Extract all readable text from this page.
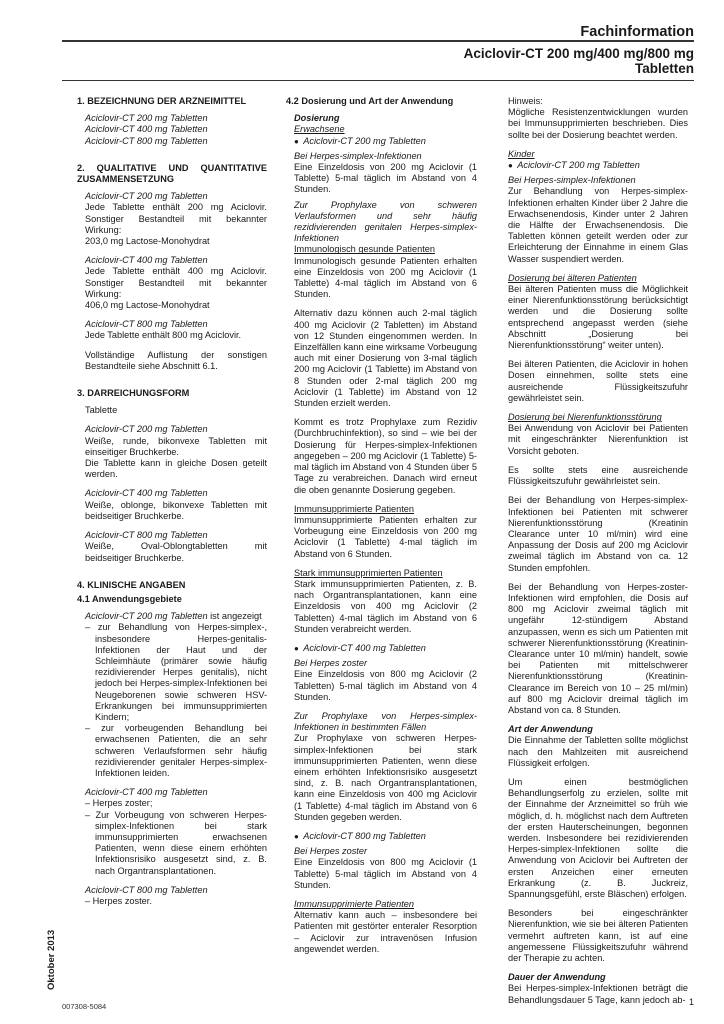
Fachinformation
Aciclovir-CT 200 mg/400 mg/800 mg
Tabletten
Oktober 2013
1. BEZEICHNUNG DER ARZNEIMITTEL
Aciclovir-CT 200 mg Tabletten
Aciclovir-CT 400 mg Tabletten
Aciclovir-CT 800 mg Tabletten
2. QUALITATIVE UND QUANTITATIVE ZUSAMMENSETZUNG
Aciclovir-CT 200 mg Tabletten
Jede Tablette enthält 200 mg Aciclovir. Sonstiger Bestandteil mit bekannter Wirkung:
203,0 mg Lactose-Monohydrat
Aciclovir-CT 400 mg Tabletten
Jede Tablette enthält 400 mg Aciclovir. Sonstiger Bestandteil mit bekannter Wirkung:
406,0 mg Lactose-Monohydrat
Aciclovir-CT 800 mg Tabletten
Jede Tablette enthält 800 mg Aciclovir.
Vollständige Auflistung der sonstigen Bestandteile siehe Abschnitt 6.1.
3. DARREICHUNGSFORM
Tablette
Aciclovir-CT 200 mg Tabletten
Weiße, runde, bikonvexe Tabletten mit einseitiger Bruchkerbe.
Die Tablette kann in gleiche Dosen geteilt werden.
Aciclovir-CT 400 mg Tabletten
Weiße, oblonge, bikonvexe Tabletten mit beidseitiger Bruchkerbe.
Aciclovir-CT 800 mg Tabletten
Weiße, Oval-Oblongtabletten mit beidseitiger Bruchkerbe.
4. KLINISCHE ANGABEN
4.1 Anwendungsgebiete
Aciclovir-CT 200 mg Tabletten ist angezeigt
– zur Behandlung von Herpes-simplex-, insbesondere Herpes-genitalis-Infektionen der Haut und der Schleimhäute (primärer sowie häufig rezidivierender Herpes genitalis), nicht jedoch bei Herpes-simplex-Infektionen bei Neugeborenen sowie schweren HSV-Erkrankungen bei immunsupprimierten Kindern;
– zur vorbeugenden Behandlung bei erwachsenen Patienten, die an sehr schweren Verlaufsformen sehr häufig rezidivierender genitaler Herpes-simplex-Infektionen leiden.
Aciclovir-CT 400 mg Tabletten
– Herpes zoster;
– Zur Vorbeugung von schweren Herpes-simplex-Infektionen bei stark immunsupprimierten erwachsenen Patienten, wenn diese einem erhöhten Infektionsrisiko ausgesetzt sind, z. B. nach Organtransplantationen.
Aciclovir-CT 800 mg Tabletten
– Herpes zoster.
4.2 Dosierung und Art der Anwendung
Dosierung
Erwachsene
●  Aciclovir-CT 200 mg Tabletten
Bei Herpes-simplex-Infektionen
Eine Einzeldosis von 200 mg Aciclovir (1 Tablette) 5-mal täglich im Abstand von 4 Stunden.
Zur Prophylaxe von schweren Verlaufsformen und sehr häufig rezidivierenden genitalen Herpes-simplex-Infektionen
Immunologisch gesunde Patienten
Immunologisch gesunde Patienten erhalten eine Einzeldosis von 200 mg Aciclovir (1 Tablette) 4-mal täglich im Abstand von 6 Stunden.
Alternativ dazu können auch 2-mal täglich 400 mg Aciclovir (2 Tabletten) im Abstand von 12 Stunden eingenommen werden. In Einzelfällen kann eine wirksame Vorbeugung auch mit einer Dosierung von 3-mal täglich 200 mg Aciclovir (1 Tablette) im Abstand von 8 Stunden oder 2-mal täglich 200 mg Aciclovir (1 Tablette) im Abstand von 12 Stunden erzielt werden.
Kommt es trotz Prophylaxe zum Rezidiv (Durchbruchinfektion), so sind – wie bei der Dosierung für Herpes-simplex-Infektionen angegeben – 200 mg Aciclovir (1 Tablette) 5-mal täglich im Abstand von 4 Stunden über 5 Tage zu verabreichen. Danach wird erneut die oben genannte Dosierung gegeben.
Immunsupprimierte Patienten
Immunsupprimierte Patienten erhalten zur Vorbeugung eine Einzeldosis von 200 mg Aciclovir (1 Tablette) 4-mal täglich im Abstand von 6 Stunden.
Stark immunsupprimierten Patienten
Stark immunsupprimierten Patienten, z. B. nach Organtransplantationen, kann eine Einzeldosis von 400 mg Aciclovir (2 Tabletten) 4-mal täglich im Abstand von 6 Stunden verabreicht werden.
●  Aciclovir-CT 400 mg Tabletten
Bei Herpes zoster
Eine Einzeldosis von 800 mg Aciclovir (2 Tabletten) 5-mal täglich im Abstand von 4 Stunden.
Zur Prophylaxe von Herpes-simplex-Infektionen in bestimmten Fällen
Zur Prophylaxe von schweren Herpes-simplex-Infektionen bei stark immunsupprimierten Patienten, wenn diese einem erhöhten Infektionsrisiko ausgesetzt sind, z. B. nach Organtransplantationen, kann eine Einzeldosis von 400 mg Aciclovir (1 Tablette) 4-mal täglich im Abstand von 6 Stunden gegeben werden.
●  Aciclovir-CT 800 mg Tabletten
Bei Herpes zoster
Eine Einzeldosis von 800 mg Aciclovir (1 Tablette) 5-mal täglich im Abstand von 4 Stunden.
Immunsupprimierte Patienten
Alternativ kann auch – insbesondere bei Patienten mit gestörter enteraler Resorption – Aciclovir zur intravenösen Infusion angewendet werden.
Hinweis:
Mögliche Resistenzentwicklungen wurden bei Immunsupprimierten beschrieben. Dies sollte bei der Dosierung beachtet werden.
Kinder
●  Aciclovir-CT 200 mg Tabletten
Bei Herpes-simplex-Infektionen
Zur Behandlung von Herpes-simplex-Infektionen erhalten Kinder über 2 Jahre die Erwachsenendosis, Kinder unter 2 Jahren die Hälfte der Erwachsenendosis. Die Tabletten können geteilt werden oder zur Erleichterung der Einnahme in einem Glas Wasser suspendiert werden.
Dosierung bei älteren Patienten
Bei älteren Patienten muss die Möglichkeit einer Nierenfunktionsstörung berücksichtigt werden und die Dosierung sollte entsprechend angepasst werden (siehe Abschnitt „Dosierung bei Nierenfunktionsstörung“ weiter unten).
Bei älteren Patienten, die Aciclovir in hohen Dosen einnehmen, sollte stets eine ausreichende Flüssigkeitszufuhr gewährleistet sein.
Dosierung bei Nierenfunktionsstörung
Bei Anwendung von Aciclovir bei Patienten mit eingeschränkter Nierenfunktion ist Vorsicht geboten.
Es sollte stets eine ausreichende Flüssigkeitszufuhr gewährleistet sein.
Bei der Behandlung von Herpes-simplex-Infektionen bei Patienten mit schwerer Nierenfunktionsstörung (Kreatinin Clearance unter 10 ml/min) wird eine Anpassung der Dosis auf 200 mg Aciclovir zweimal täglich im Abstand von ca. 12 Stunden empfohlen.
Bei der Behandlung von Herpes-zoster-Infektionen wird empfohlen, die Dosis auf 800 mg Aciclovir zweimal täglich mit ungefähr 12-stündigem Abstand anzupassen, wenn es sich um Patienten mit schwerer Nierenfunktionsstörung (Kreatinin-Clearance unter 10 ml/min) handelt, sowie bei Patienten mit mittelschwerer Nierenfunktionsstörung (Kreatinin-Clearance im Bereich von 10 – 25 ml/min) auf 800 mg Aciclovir dreimal täglich im Abstand von ca. 8 Stunden.
Art der Anwendung
Die Einnahme der Tabletten sollte möglichst nach den Mahlzeiten mit ausreichend Flüssigkeit erfolgen.
Um einen bestmöglichen Behandlungserfolg zu erzielen, sollte mit der Einnahme der Arzneimittel so früh wie möglich, d. h. möglichst nach dem Auftreten der ersten Hauterscheinungen, begonnen werden. Insbesondere bei rezidivierenden Herpes-simplex-Infektionen sollte die Anwendung von Aciclovir bei Auftreten der ersten Anzeichen einer erneuten Erkrankung (z. B. Juckreiz, Spannungsgefühl, erste Bläschen) erfolgen.
Besonders bei eingeschränkter Nierenfunktion, wie sie bei älteren Patienten vermehrt auftreten kann, ist auf eine angemessene Flüssigkeitszufuhr während der Therapie zu achten.
Dauer der Anwendung
Bei Herpes-simplex-Infektionen beträgt die Behandlungsdauer 5 Tage, kann jedoch ab-
007308-5084	1
